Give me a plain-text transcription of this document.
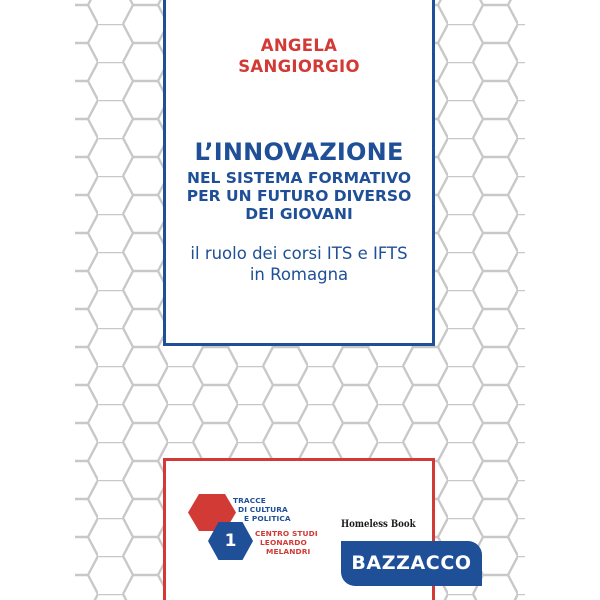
ANGELA
SANGIORGIO
L’INNOVAZIONE
NEL SISTEMA FORMATIVO
PER UN FUTURO DIVERSO
DEI GIOVANI
il ruolo dei corsi ITS e IFTS
in Romagna
1
TRACCE
DI CULTURA
E POLITICA
CENTRO STUDI
LEONARDO
MELANDRI
Homeless Book
BAZZACCO
